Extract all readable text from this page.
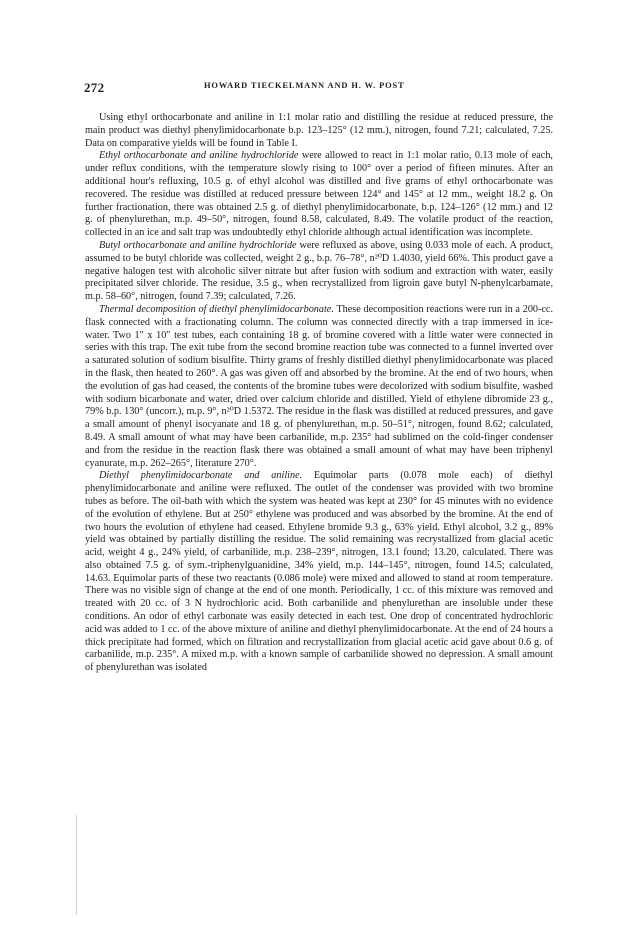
272	HOWARD TIECKELMANN AND H. W. POST

Using ethyl orthocarbonate and aniline in 1:1 molar ratio and distilling the residue at reduced pressure, the main product was diethyl phenylimidocarbonate b.p. 123–125° (12 mm.), nitrogen, found 7.21; calculated, 7.25. Data on comparative yields will be found in Table I.

Ethyl orthocarbonate and aniline hydrochloride were allowed to react in 1:1 molar ratio, 0.13 mole of each, under reflux conditions, with the temperature slowly rising to 100° over a period of fifteen minutes. After an additional hour's refluxing, 10.5 g. of ethyl alcohol was distilled and five grams of ethyl orthocarbonate was recovered. The residue was distilled at reduced pressure between 124° and 145° at 12 mm., weight 18.2 g. On further fractionation, there was obtained 2.5 g. of diethyl phenylimidocarbonate, b.p. 124–126° (12 mm.) and 12 g. of phenylurethan, m.p. 49–50°, nitrogen, found 8.58, calculated, 8.49. The volatile product of the reaction, collected in an ice and salt trap was undoubtedly ethyl chloride although actual identification was incomplete.

Butyl orthocarbonate and aniline hydrochloride were refluxed as above, using 0.033 mole of each. A product, assumed to be butyl chloride was collected, weight 2 g., b.p. 76–78°, n²⁰D 1.4030, yield 66%. This product gave a negative halogen test with alcoholic silver nitrate but after fusion with sodium and extraction with water, easily precipitated silver chloride. The residue, 3.5 g., when recrystallized from ligroin gave butyl N-phenylcarbamate, m.p. 58–60°, nitrogen, found 7.39; calculated, 7.26.

Thermal decomposition of diethyl phenylimidocarbonate. These decomposition reactions were run in a 200-cc. flask connected with a fractionating column. The column was connected directly with a trap immersed in ice-water. Two 1″ x 10″ test tubes, each containing 18 g. of bromine covered with a little water were connected in series with this trap. The exit tube from the second bromine reaction tube was connected to a funnel inverted over a saturated solution of sodium bisulfite. Thirty grams of freshly distilled diethyl phenylimidocarbonate was placed in the flask, then heated to 260°. A gas was given off and absorbed by the bromine. At the end of two hours, when the evolution of gas had ceased, the contents of the bromine tubes were decolorized with sodium bisulfite, washed with sodium bicarbonate and water, dried over calcium chloride and distilled. Yield of ethylene dibromide 23 g., 79% b.p. 130° (uncorr.), m.p. 9°, n²⁰D 1.5372. The residue in the flask was distilled at reduced pressures, and gave a small amount of phenyl isocyanate and 18 g. of phenylurethan, m.p. 50–51°, nitrogen, found 8.62; calculated, 8.49. A small amount of what may have been carbanilide, m.p. 235° had sublimed on the cold-finger condenser and from the residue in the reaction flask there was obtained a small amount of what may have been triphenyl cyanurate, m.p. 262–265°, literature 270°.

Diethyl phenylimidocarbonate and aniline. Equimolar parts (0.078 mole each) of diethyl phenylimidocarbonate and aniline were refluxed. The outlet of the condenser was provided with two bromine tubes as before. The oil-bath with which the system was heated was kept at 230° for 45 minutes with no evidence of the evolution of ethylene. But at 250° ethylene was produced and was absorbed by the bromine. At the end of two hours the evolution of ethylene had ceased. Ethylene bromide 9.3 g., 63% yield. Ethyl alcohol, 3.2 g., 89% yield was obtained by partially distilling the residue. The solid remaining was recrystallized from glacial acetic acid, weight 4 g., 24% yield, of carbanilide, m.p. 238–239°, nitrogen, 13.1 found; 13.20, calculated. There was also obtained 7.5 g. of sym.-triphenylguanidine, 34% yield, m.p. 144–145°, nitrogen, found 14.5; calculated, 14.63. Equimolar parts of these two reactants (0.086 mole) were mixed and allowed to stand at room temperature. There was no visible sign of change at the end of one month. Periodically, 1 cc. of this mixture was removed and treated with 20 cc. of 3 N hydrochloric acid. Both carbanilide and phenylurethan are insoluble under these conditions. An odor of ethyl carbonate was easily detected in each test. One drop of concentrated hydrochloric acid was added to 1 cc. of the above mixture of aniline and diethyl phenylimidocarbonate. At the end of 24 hours a thick precipitate had formed, which on filtration and recrystallization from glacial acetic acid gave about 0.6 g. of carbanilide, m.p. 235°. A mixed m.p. with a known sample of carbanilide showed no depression. A small amount of phenylurethan was isolated
